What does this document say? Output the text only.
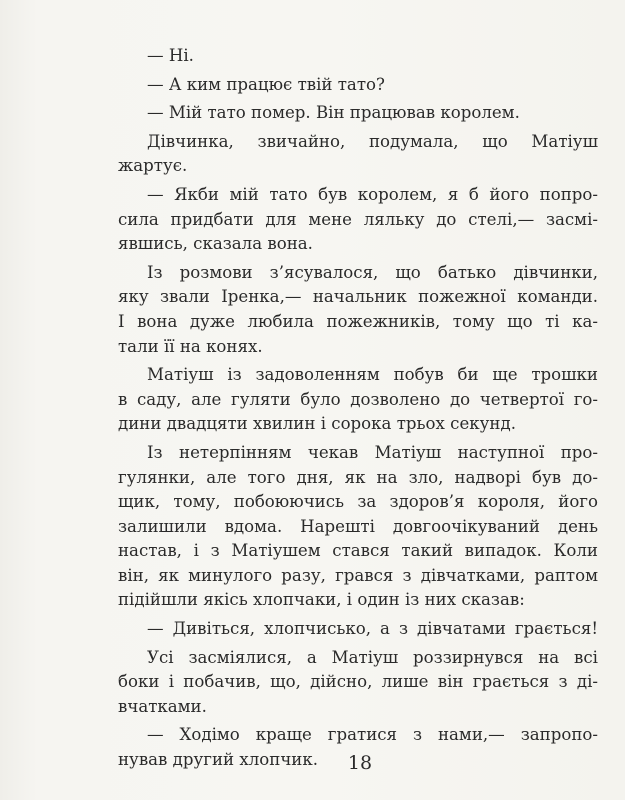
— Ні.
— А ким працює твій тато?
— Мій тато помер. Він працював королем.
Дівчинка, звичайно, подумала, що Матіуш
жартує.
— Якби мій тато був королем, я б його попро-
сила придбати для мене ляльку до стелі,— засмі-
явшись, сказала вона.
Із розмови з’ясувалося, що батько дівчинки,
яку звали Іренка,— начальник пожежної команди.
І вона дуже любила пожежників, тому що ті ка-
тали її на конях.
Матіуш із задоволенням побув би ще трошки
в саду, але гуляти було дозволено до четвертої го-
дини двадцяти хвилин і сорока трьох секунд.
Із нетерпінням чекав Матіуш наступної про-
гулянки, але того дня, як на зло, надворі був до-
щик, тому, побоюючись за здоров’я короля, його
залишили вдома. Нарешті довгоочікуваний день
настав, і з Матіушем стався такий випадок. Коли
він, як минулого разу, грався з дівчатками, раптом
підійшли якісь хлопчаки, і один із них сказав:
— Дивіться, хлопчисько, а з дівчатами грається!
Усі засміялися, а Матіуш роззирнувся на всі
боки і побачив, що, дійсно, лише він грається з ді-
вчатками.
— Ходімо краще гратися з нами,— запропо-
нував другий хлопчик.	18
